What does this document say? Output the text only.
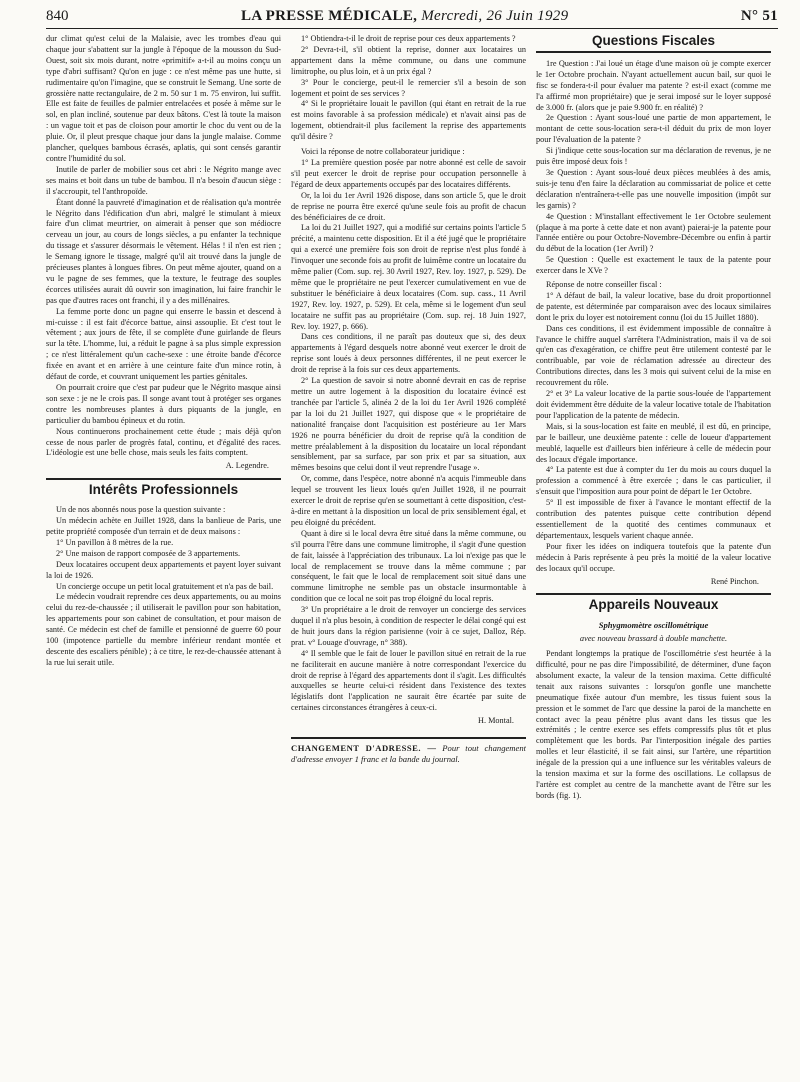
840	LA PRESSE MÉDICALE, Mercredi, 26 Juin 1929	N° 51

dur climat qu'est celui de la Malaisie, avec les trombes d'eau qui chaque jour s'abattent sur la jungle à l'époque de la mousson du Sud-Ouest, soit six mois durant, notre «primitif» a-t-il au moins conçu un type d'abri suffisant? Qu'on en juge : ce n'est même pas une hutte, si rudimentaire qu'on l'imagine, que se construit le Semang. Une sorte de grossière natte rectangulaire, de 2 m. 50 sur 1 m. 75 environ, lui suffit. Elle est faite de feuilles de palmier entrelacées et posée à même sur le sol, en plan incliné, soutenue par deux bâtons. C'est là toute la maison : un vague toit et pas de cloison pour amortir le choc du vent ou de la pluie. Or, il pleut presque chaque jour dans la jungle malaise. Comme plancher, quelques bambous écrasés, aplatis, qui sont censés garantir contre l'humidité du sol.

Inutile de parler de mobilier sous cet abri : le Négrito mange avec ses mains et boit dans un tube de bambou. Il n'a besoin d'aucun siège : il s'accroupit, tel l'anthropoïde.

Étant donné la pauvreté d'imagination et de réalisation qu'a montrée le Négrito dans l'édification d'un abri, malgré le stimulant à mieux faire d'un climat meurtrier, on aimerait à penser que son médiocre cerveau un jour, au cours de longs siècles, a pu enfanter la technique du tissage et s'assurer désormais le vêtement. Hélas ! il n'en est rien ; le Semang ignore le tissage, malgré qu'il ait trouvé dans la jungle de précieuses plantes à longues fibres. On peut même ajouter, quand on a vu le pagne de ses femmes, que la texture, le feutrage des souples écorces utilisées aurait dû ouvrir son imagination, lui faire franchir le pas que d'autres races ont franchi, il y a des millénaires.

La femme porte donc un pagne qui enserre le bassin et descend à mi-cuisse : il est fait d'écorce battue, ainsi assouplie. Et c'est tout le vêtement ; aux jours de fête, il se complète d'une guirlande de fleurs sur la tête. L'homme, lui, a réduit le pagne à sa plus simple expression ; ce n'est littéralement qu'un cache-sexe : une étroite bande d'écorce fixée en avant et en arrière à une ceinture faite d'un mince rotin, à défaut de corde, et couvrant uniquement les parties génitales.

On pourrait croire que c'est par pudeur que le Négrito masque ainsi son sexe : je ne le crois pas. Il songe avant tout à protéger ses organes contre les nombreuses plantes à durs piquants de la jungle, en particulier du bambou épineux et du rotin.

Nous continuerons prochainement cette étude ; mais déjà qu'on cesse de nous parler de progrès fatal, continu, et d'égalité des races. L'idéologie est une belle chose, mais seuls les faits comptent.

A. Legendre.

Intérêts Professionnels

Un de nos abonnés nous pose la question suivante :

Un médecin achète en Juillet 1928, dans la banlieue de Paris, une petite propriété composée d'un terrain et de deux maisons :

1° Un pavillon à 8 mètres de la rue.

2° Une maison de rapport composée de 3 appartements.

Deux locataires occupent deux appartements et payent loyer suivant la loi de 1926.

Un concierge occupe un petit local gratuitement et n'a pas de bail.

Le médecin voudrait reprendre ces deux appartements, ou au moins celui du rez-de-chaussée ; il utiliserait le pavillon pour son habitation, les appartements pour son cabinet de consultation, et pour maison de santé. Ce médecin est chef de famille et pensionné de guerre 60 pour 100 (impotence partielle du membre inférieur rendant montée et descente des escaliers pénible) ; à ce titre, le rez-de-chaussée attenant à la rue lui serait utile.

1° Obtiendra-t-il le droit de reprise pour ces deux appartements ?

2° Devra-t-il, s'il obtient la reprise, donner aux locataires un appartement dans la même commune, ou dans une commune limitrophe, ou plus loin, et à un prix égal ?

3° Pour le concierge, peut-il le remercier s'il a besoin de son logement et point de ses services ?

4° Si le propriétaire louait le pavillon (qui étant en retrait de la rue est moins favorable à sa profession médicale) et n'avait ainsi pas de logement, obtiendrait-il plus facilement la reprise des appartements qu'il désire ?

Voici la réponse de notre collaborateur juridique :

1° La première question posée par notre abonné est celle de savoir s'il peut exercer le droit de reprise pour occupation personnelle à l'égard de deux appartements occupés par des locataires différents.

Or, la loi du 1er Avril 1926 dispose, dans son article 5, que le droit de reprise ne pourra être exercé qu'une seule fois au profit de chacun des bénéficiaires de ce droit.

La loi du 21 Juillet 1927, qui a modifié sur certains points l'article 5 précité, a maintenu cette disposition. Et il a été jugé que le propriétaire qui a exercé une première fois son droit de reprise n'est plus fondé à l'invoquer une seconde fois au profit de luimême contre un locataire du même palier (Com. sup. rej. 30 Avril 1927, Rev. loy. 1927, p. 529). De même que le propriétaire ne peut l'exercer cumulativement en vue de substituer le bénéficiaire à deux locataires (Com. sup. cass., 11 Avril 1927, Rev. loy. 1927, p. 529). Et cela, même si le logement d'un seul locataire ne suffit pas au propriétaire (Com. sup. rej. 18 Juin 1927, Rev. loy. 1927, p. 666).

Dans ces conditions, il ne paraît pas douteux que si, des deux appartements à l'égard desquels notre abonné veut exercer le droit de reprise sont loués à deux personnes différentes, il ne peut exercer le droit de reprise à la fois sur ces deux appartements.

2° La question de savoir si notre abonné devrait en cas de reprise mettre un autre logement à la disposition du locataire évincé est tranchée par l'article 5, alinéa 2 de la loi du 1er Avril 1926 complété par la loi du 21 Juillet 1927, qui dispose que « le propriétaire de nationalité française dont l'acquisition est postérieure au 1er Mars 1926 ne pourra bénéficier du droit de reprise qu'à la condition de mettre préalablement à la disposition du locataire un local répondant sensiblement, par sa surface, par son prix et par sa situation, aux mêmes besoins que celui dont il veut reprendre l'usage ».

Or, comme, dans l'espèce, notre abonné n'a acquis l'immeuble dans lequel se trouvent les lieux loués qu'en Juillet 1928, il ne pourrait exercer le droit de reprise qu'en se soumettant à cette disposition, c'est-à-dire en mettant à la disposition un local de prix sensiblement égal, et peu éloigné du précédent.

Quant à dire si le local devra être situé dans la même commune, ou s'il pourra l'être dans une commune limitrophe, il s'agit d'une question de fait, laissée à l'appréciation des tribunaux. La loi n'exige pas que le local de remplacement se trouve dans la même commune ; par conséquent, le fait que le local de remplacement soit situé dans une commune limitrophe ne semble pas un obstacle insurmontable à condition que ce local ne soit pas trop éloigné du local repris.

3° Un propriétaire a le droit de renvoyer un concierge des services duquel il n'a plus besoin, à condition de respecter le délai congé qui est de huit jours dans la région parisienne (voir à ce sujet, Dalloz, Rép. prat. v° Louage d'ouvrage, n° 388).

4° Il semble que le fait de louer le pavillon situé en retrait de la rue ne faciliterait en aucune manière à notre correspondant l'exercice du droit de reprise à l'égard des appartements dont il s'agit. Les difficultés auxquelles se heurte celui-ci résident dans l'existence des textes législatifs dont l'application ne saurait être écartée par suite de certaines circonstances étrangères à ceux-ci.

H. Montal.

CHANGEMENT D'ADRESSE. — Pour tout changement d'adresse envoyer 1 franc et la bande du journal.
Questions Fiscales

1re Question : J'ai loué un étage d'une maison où je compte exercer le 1er Octobre prochain. N'ayant actuellement aucun bail, sur quoi le fisc se fondera-t-il pour évaluer ma patente ? est-il exact (comme me l'a affirmé mon propriétaire) que je serai imposé sur le loyer supposé de 3.000 fr. (alors que je paie 9.900 fr. en réalité) ?

2e Question : Ayant sous-loué une partie de mon appartement, le montant de cette sous-location sera-t-il déduit du prix de mon loyer pour l'évaluation de la patente ?

Si j'indique cette sous-location sur ma déclaration de revenus, je ne puis être imposé deux fois !

3e Question : Ayant sous-loué deux pièces meublées à des amis, suis-je tenu d'en faire la déclaration au commissariat de police et cette déclaration n'entraînera-t-elle pas une nouvelle imposition (impôt sur les garnis) ?

4e Question : M'installant effectivement le 1er Octobre seulement (plaque à ma porte à cette date et non avant) paierai-je la patente pour l'année entière ou pour Octobre-Novembre-Décembre ou enfin à partir du début de la location (1er Avril) ?

5e Question : Quelle est exactement le taux de la patente pour exercer dans le XVe ?

Réponse de notre conseiller fiscal :

1° A défaut de bail, la valeur locative, base du droit proportionnel de patente, est déterminée par comparaison avec des locaux similaires dont le prix du loyer est notoirement connu (loi du 15 Juillet 1880).

Dans ces conditions, il est évidemment impossible de connaître à l'avance le chiffre auquel s'arrêtera l'Administration, mais il va de soi qu'en cas d'exagération, ce chiffre peut être utilement contesté par le contribuable, par voie de réclamation adressée au directeur des Contributions directes, dans les 3 mois qui suivent celui de la mise en recouvrement du rôle.

2° et 3° La valeur locative de la partie sous-louée de l'appartement doit évidemment être déduite de la valeur locative totale de l'habitation pour l'application de la patente de médecin.

Mais, si la sous-location est faite en meublé, il est dû, en principe, par le bailleur, une deuxième patente : celle de loueur d'appartement meublé, laquelle est d'ailleurs bien inférieure à celle de médecin pour des locaux d'égale importance.

4° La patente est due à compter du 1er du mois au cours duquel la profession a commencé à être exercée ; dans le cas particulier, il s'ensuit que l'imposition aura pour point de départ le 1er Octobre.

5° Il est impossible de fixer à l'avance le montant effectif de la contribution des patentes puisque cette contribution dépend essentiellement de la quotité des centimes communaux et départementaux, lesquels varient chaque année.

Pour fixer les idées on indiquera toutefois que la patente d'un médecin à Paris représente à peu près la moitié de la valeur locative des locaux qu'il occupe.

René Pinchon.

Appareils Nouveaux
Sphygmomètre oscillométrique
avec nouveau brassard à double manchette.

Pendant longtemps la pratique de l'oscillométrie s'est heurtée à la difficulté, pour ne pas dire l'impossibilité, de déterminer, d'une façon absolument exacte, la valeur de la tension maxima. Cette difficulté tenait aux raisons suivantes : lorsqu'on gonfle une manchette pneumatique fixée autour d'un membre, les tissus fuient sous la pression et le sommet de l'arc que dessine la paroi de la manchette en contact avec la peau pénètre plus avant dans les tissus que les extrémités ; le centre exerce ses effets compressifs plus tôt et plus complètement que les bords. Par l'interposition inégale des parties molles et leur élasticité, il se fait ainsi, sur l'artère, une répartition inégale de la pression qui a une influence sur les véritables valeurs de la tension maxima et sur la forme des oscillations. Le collapsus de l'artère est complet au centre de la manchette avant de l'être sur les bords (fig. 1).
